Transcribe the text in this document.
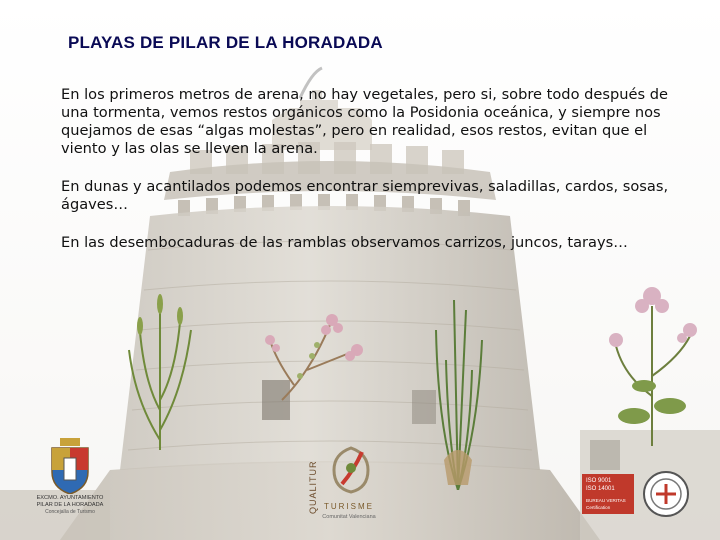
PLAYAS DE PILAR DE LA HORADADA

En los primeros metros de arena, no hay vegetales, pero si, sobre todo después de una tormenta, vemos restos orgánicos como la Posidonia oceánica, y siempre nos quejamos de esas “algas molestas”, pero en realidad, esos restos, evitan que el viento y las olas se lleven la arena.

En dunas y acantilados podemos encontrar siemprevivas, saladillas, cardos, sosas, ágaves…

En las desembocaduras de las ramblas observamos carrizos, juncos, tarays…

EXCMO. AYUNTAMIENTO
PILAR DE LA HORADADA
Concejalía de Turismo	QUALITUR TURISME
Comunitat Valenciana
ISO 9001
ISO 14001
BUREAU VERITAS
Certification
